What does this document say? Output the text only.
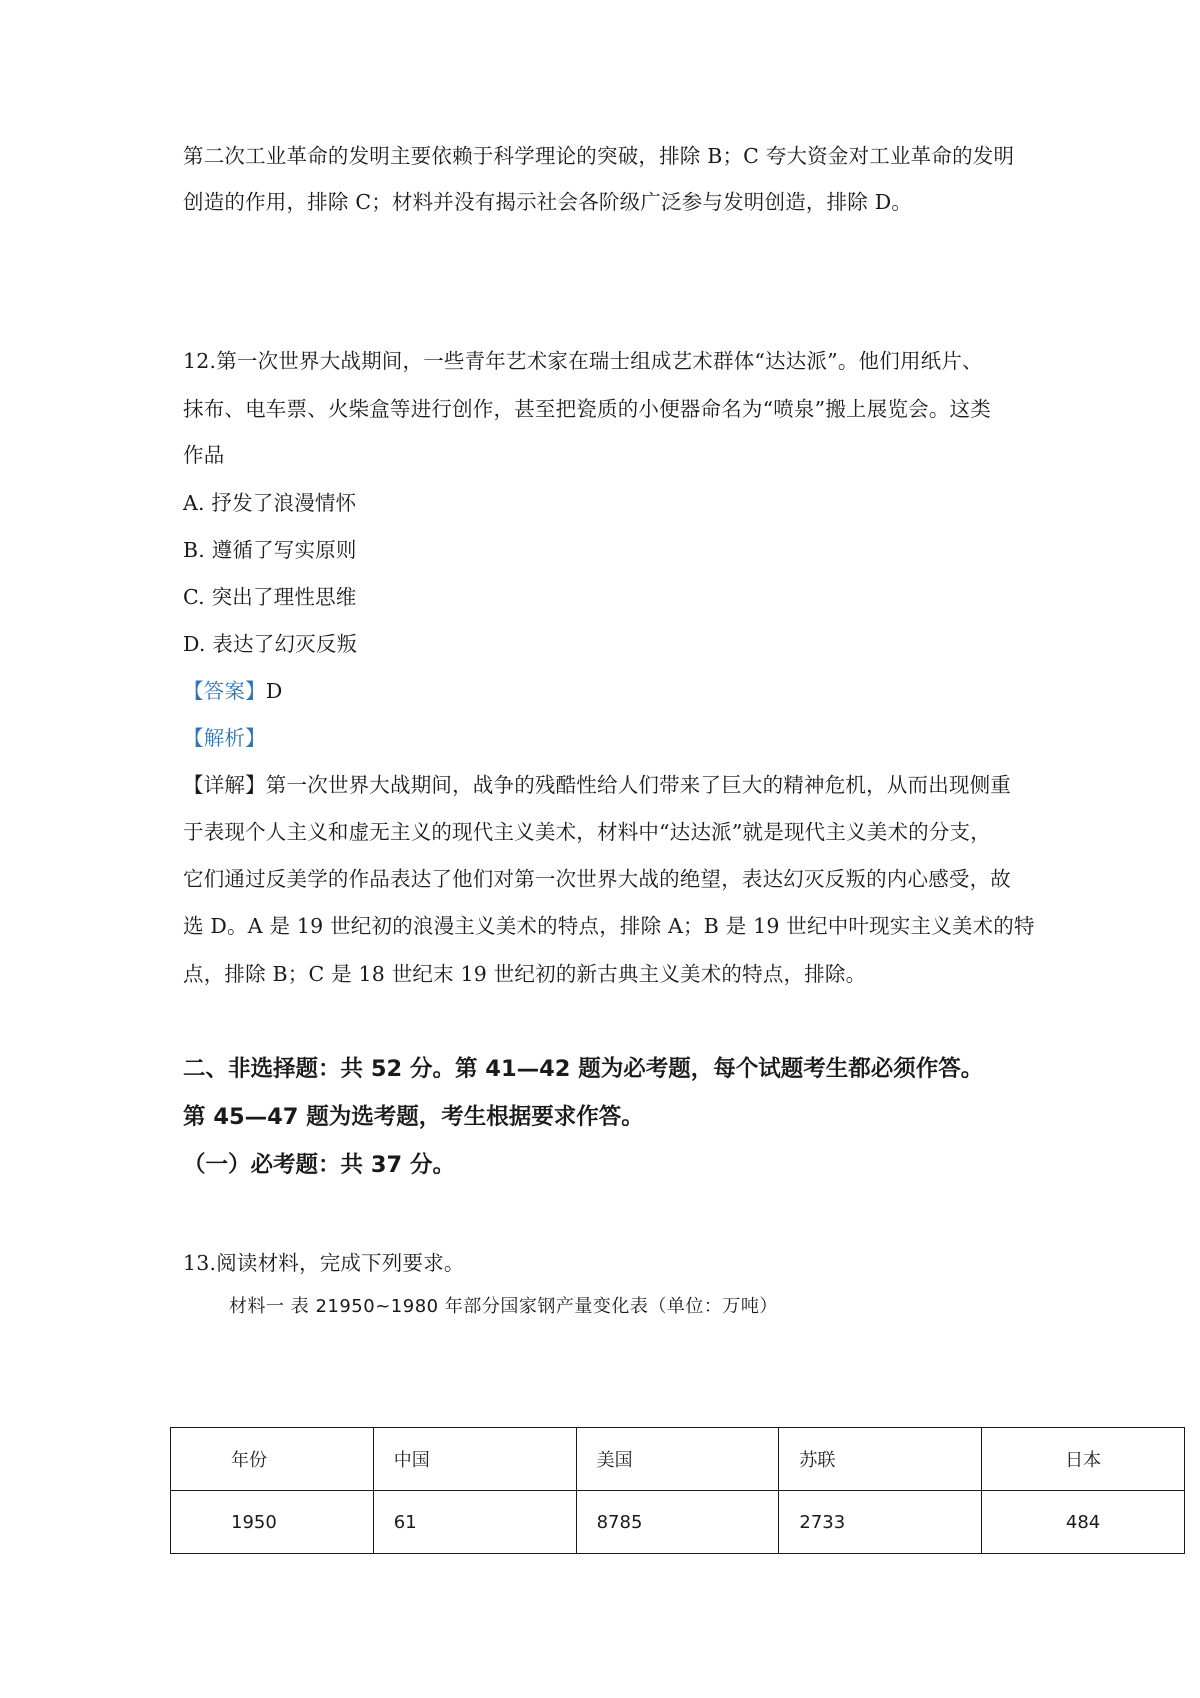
第二次工业革命的发明主要依赖于科学理论的突破，排除 B；C 夸大资金对工业革命的发明
创造的作用，排除 C；材料并没有揭示社会各阶级广泛参与发明创造，排除 D。
12.第一次世界大战期间，一些青年艺术家在瑞士组成艺术群体“达达派”。他们用纸片、
抹布、电车票、火柴盒等进行创作，甚至把瓷质的小便器命名为“喷泉”搬上展览会。这类
作品
A. 抒发了浪漫情怀
B. 遵循了写实原则
C. 突出了理性思维
D. 表达了幻灭反叛
【答案】D
【解析】
【详解】第一次世界大战期间，战争的残酷性给人们带来了巨大的精神危机，从而出现侧重
于表现个人主义和虚无主义的现代主义美术，材料中“达达派”就是现代主义美术的分支，
它们通过反美学的作品表达了他们对第一次世界大战的绝望，表达幻灭反叛的内心感受，故
选 D。A 是 19 世纪初的浪漫主义美术的特点，排除 A；B 是 19 世纪中叶现实主义美术的特
点，排除 B；C 是 18 世纪末 19 世纪初的新古典主义美术的特点，排除。
二、非选择题：共 52 分。第 41—42 题为必考题，每个试题考生都必须作答。
第 45—47 题为选考题，考生根据要求作答。
（一）必考题：共 37 分。
13.阅读材料，完成下列要求。
材料一 表 21950~1980 年部分国家钢产量变化表（单位：万吨）
年份	中国	美国	苏联	日本
1950	61	8785	2733	484
